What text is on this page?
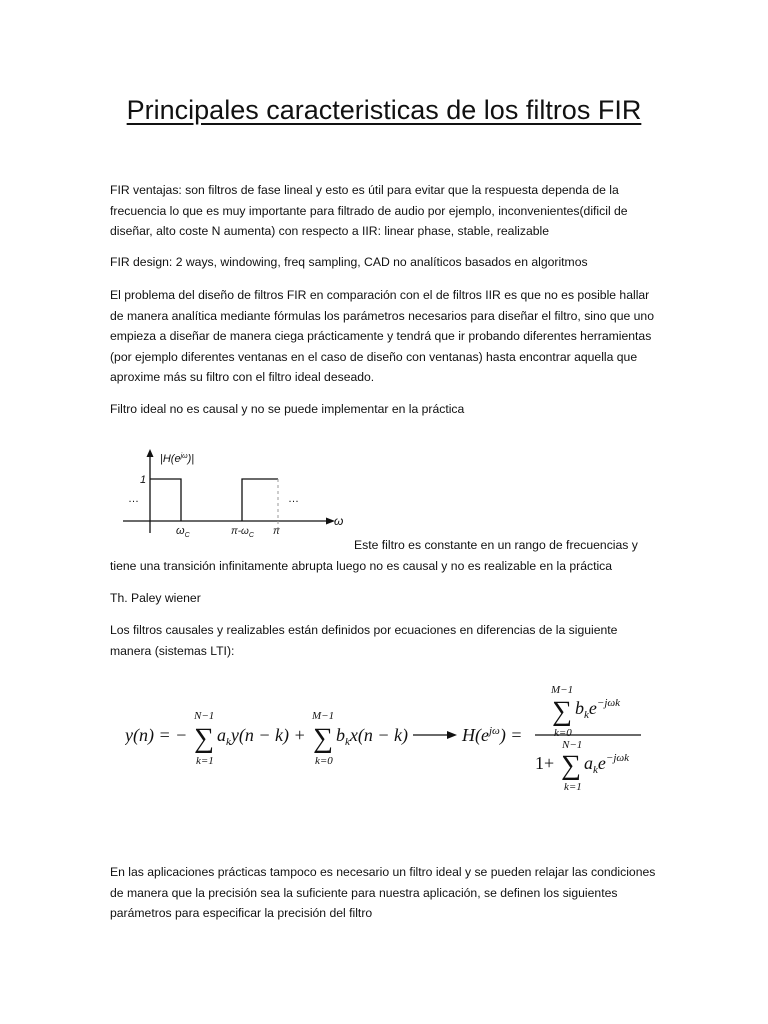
Principales caracteristicas de los filtros FIR

FIR ventajas: son filtros de fase lineal y esto es útil para evitar que la respuesta dependa de la frecuencia lo que es muy importante para filtrado de audio por ejemplo, inconvenientes(dificil de diseñar, alto coste N aumenta) con respecto a IIR: linear phase, stable, realizable

FIR design: 2 ways, windowing, freq sampling, CAD no analíticos basados en algoritmos

El problema del diseño de filtros FIR en comparación con el de filtros IIR es que no es posible hallar de manera analítica mediante fórmulas los parámetros necesarios para diseñar el filtro, sino que uno empieza a diseñar de manera ciega prácticamente y tendrá que ir probando diferentes herramientas (por ejemplo diferentes ventanas en el caso de diseño con ventanas) hasta encontrar aquella que aproxime más su filtro con el filtro ideal deseado.

Filtro ideal no es causal y no se puede implementar en la práctica

$|H(e^{j\omega})|$
1
…	…
$\omega_C$	$\pi-\omega_C$ π
ω

Este filtro es constante en un rango de frecuencias y tiene una transición infinitamente abrupta luego no es causal y no es realizable en la práctica

Th. Paley wiener

Los filtros causales y realizables están definidos por ecuaciones en diferencias de la siguiente manera (sistemas LTI):

y(n) = −
N−1
∑
k=1
$a_ky(n - k)$ +
M−1
∑
k=0
$b_kx(n - k)$	$H(e^{j\omega})$ =
M−1
∑
k=0
$b_ke^{-j\omega k}$
1+
N−1
∑
k=1
$a_ke^{-j\omega k}$

En las aplicaciones prácticas tampoco es necesario un filtro ideal y se pueden relajar las condiciones de manera que la precisión sea la suficiente para nuestra aplicación, se definen los siguientes parámetros para especificar la precisión del filtro
